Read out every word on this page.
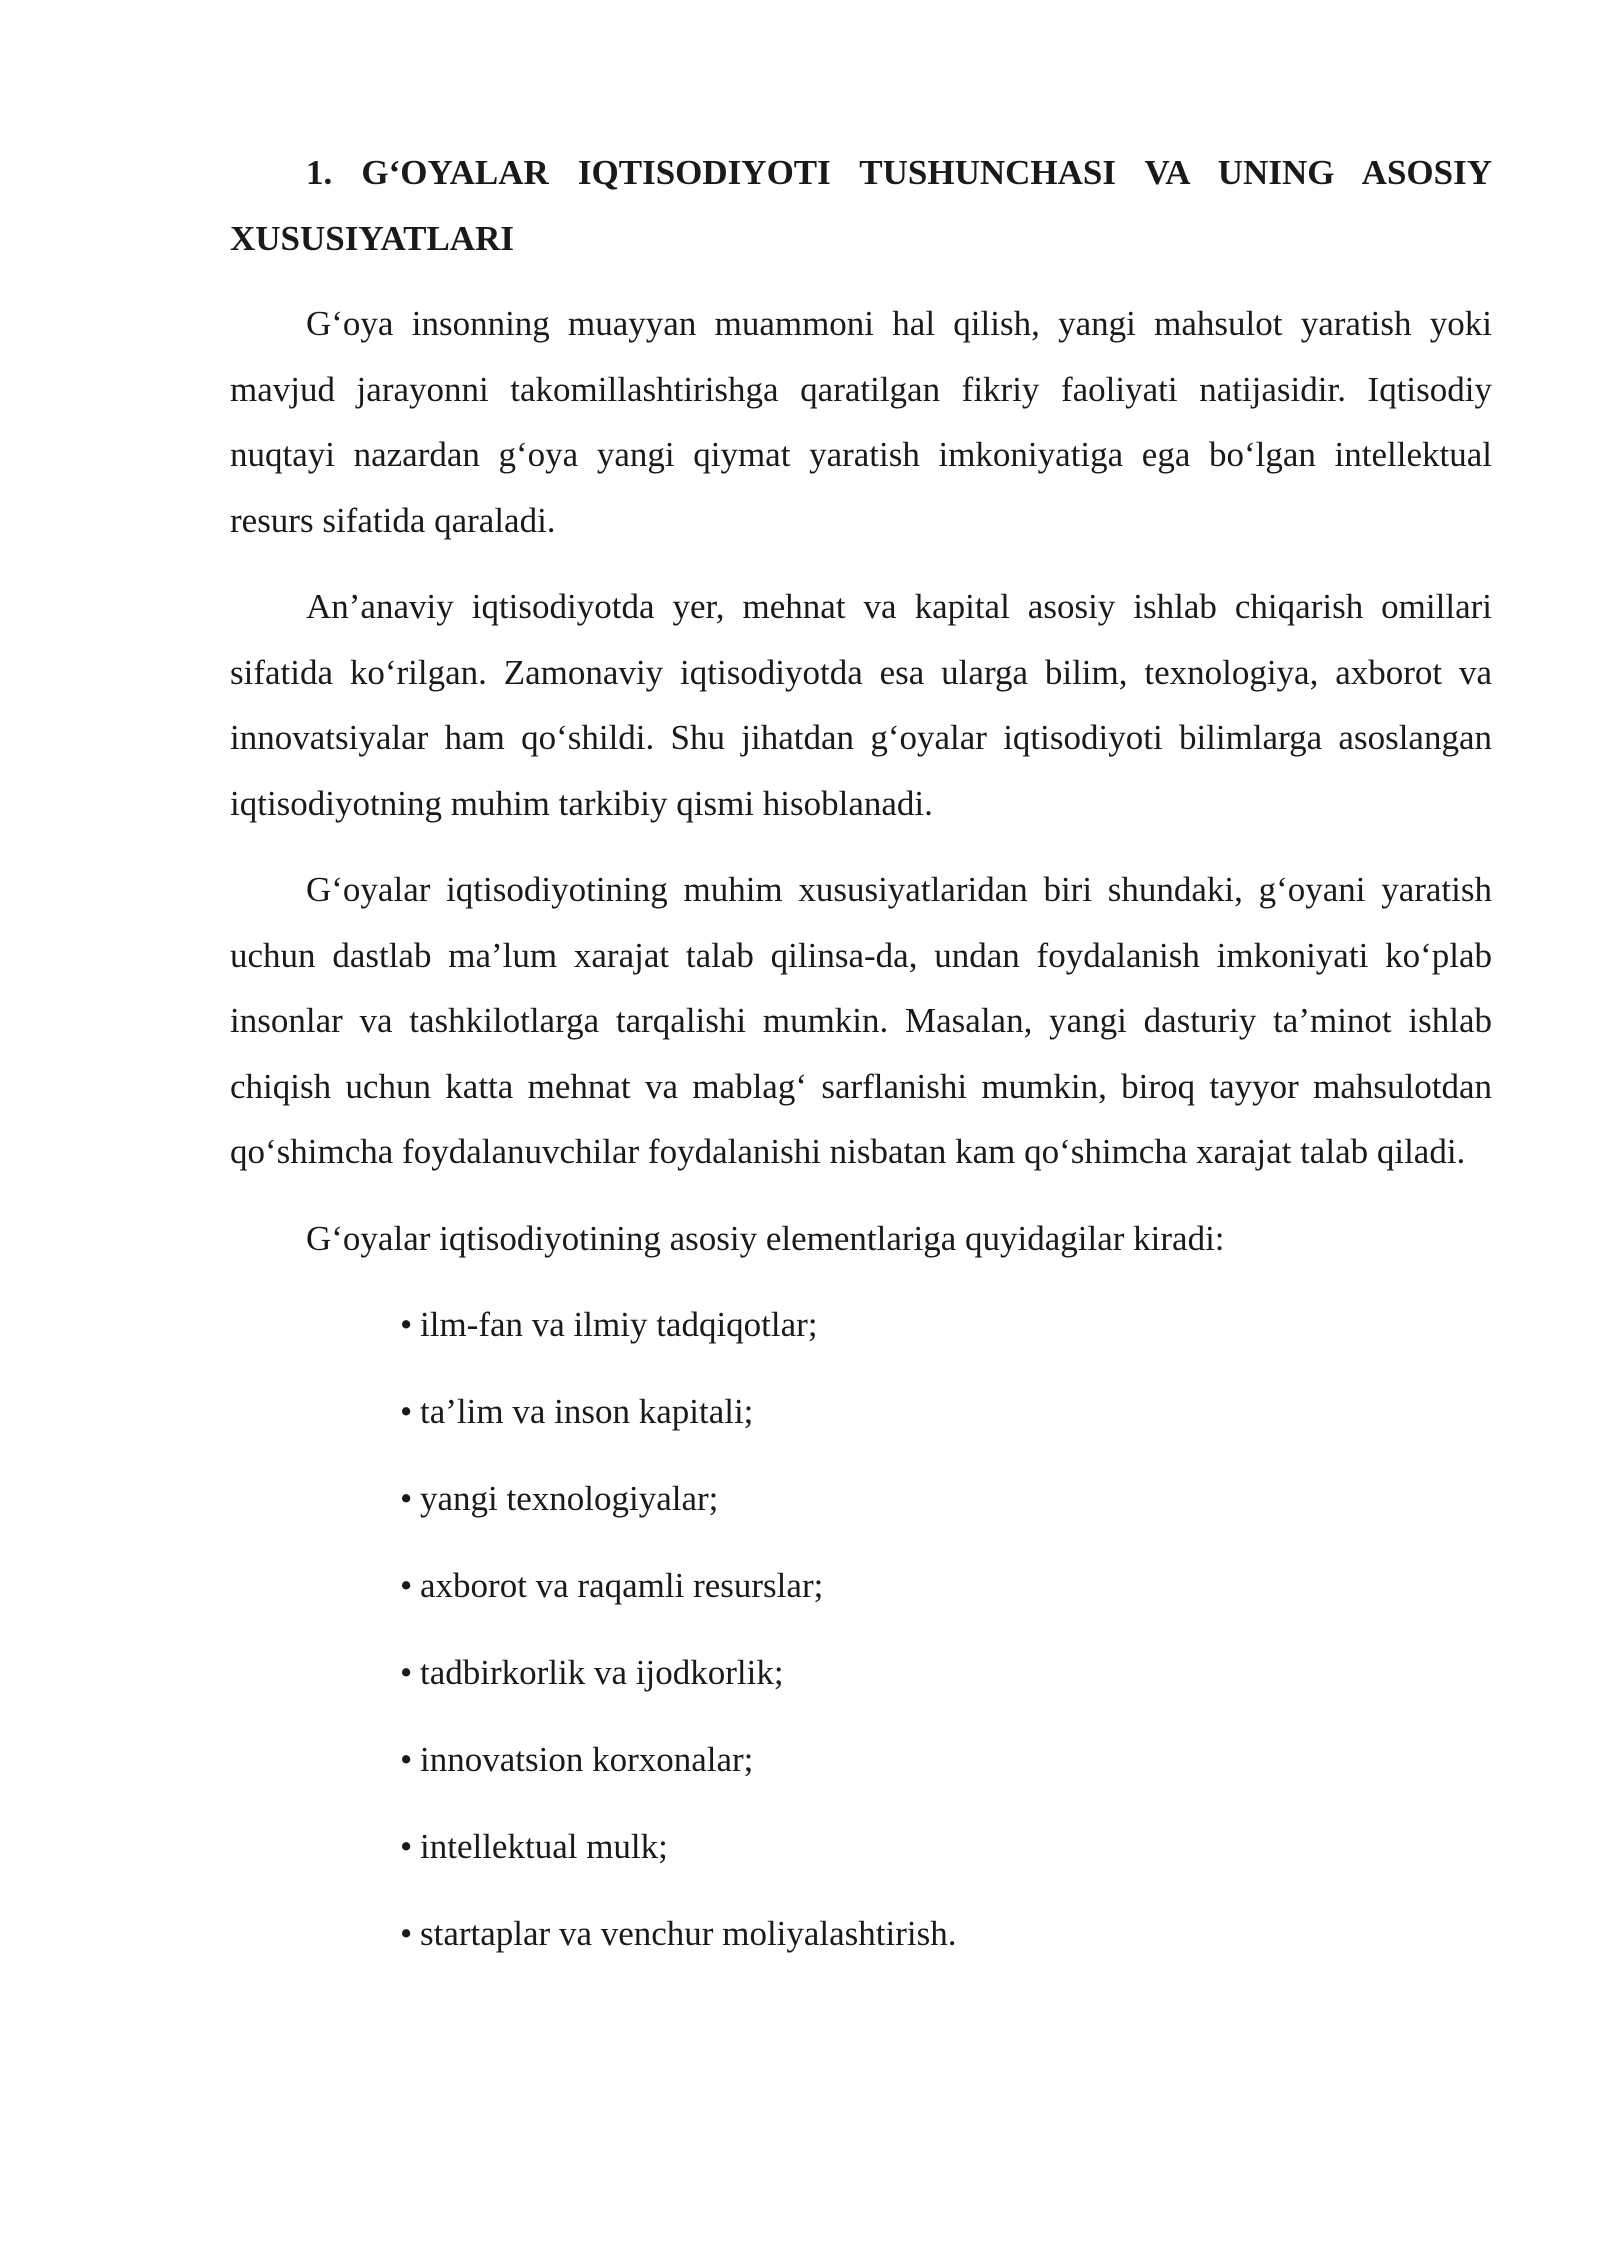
1. G‘OYALAR IQTISODIYOTI TUSHUNCHASI VA UNING ASOSIY XUSUSIYATLARI

G‘oya insonning muayyan muammoni hal qilish, yangi mahsulot yaratish yoki mavjud jarayonni takomillashtirishga qaratilgan fikriy faoliyati natijasidir. Iqtisodiy nuqtayi nazardan g‘oya yangi qiymat yaratish imkoniyatiga ega bo‘lgan intellektual resurs sifatida qaraladi.

An’anaviy iqtisodiyotda yer, mehnat va kapital asosiy ishlab chiqarish omillari sifatida ko‘rilgan. Zamonaviy iqtisodiyotda esa ularga bilim, texnologiya, axborot va innovatsiyalar ham qo‘shildi. Shu jihatdan g‘oyalar iqtisodiyoti bilimlarga asoslangan iqtisodiyotning muhim tarkibiy qismi hisoblanadi.

G‘oyalar iqtisodiyotining muhim xususiyatlaridan biri shundaki, g‘oyani yaratish uchun dastlab ma’lum xarajat talab qilinsa-da, undan foydalanish imkoniyati ko‘plab insonlar va tashkilotlarga tarqalishi mumkin. Masalan, yangi dasturiy ta’minot ishlab chiqish uchun katta mehnat va mablag‘ sarflanishi mumkin, biroq tayyor mahsulotdan qo‘shimcha foydalanuvchilar foydalanishi nisbatan kam qo‘shimcha xarajat talab qiladi.

G‘oyalar iqtisodiyotining asosiy elementlariga quyidagilar kiradi:

• ilm-fan va ilmiy tadqiqotlar;
• ta’lim va inson kapitali;
• yangi texnologiyalar;
• axborot va raqamli resurslar;
• tadbirkorlik va ijodkorlik;
• innovatsion korxonalar;
• intellektual mulk;
• startaplar va venchur moliyalashtirish.
